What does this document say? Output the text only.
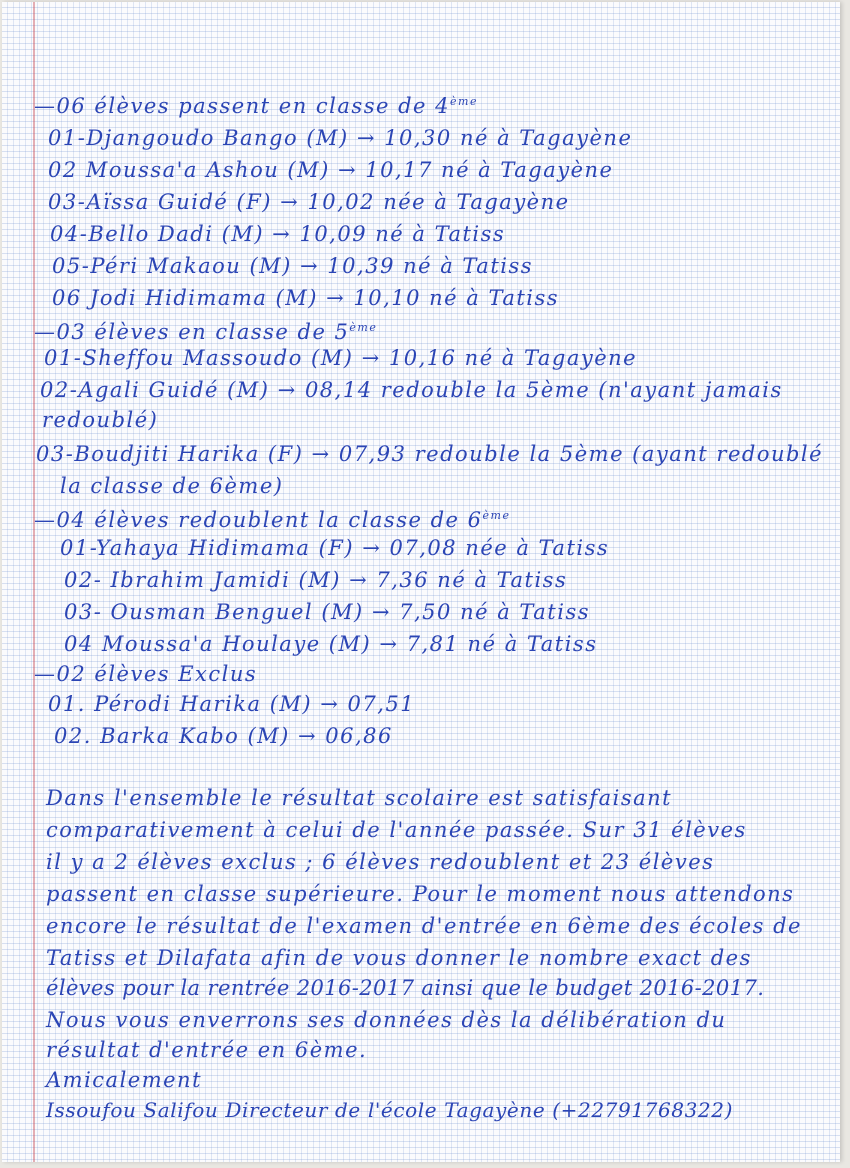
— 06 élèves passent en classe de 4ème
01-Djangoudo Bango (M) → 10,30 né à Tagayène
02 Moussa'a Ashou (M) → 10,17 né à Tagayène
03-Aïssa Guidé (F) → 10,02 née à Tagayène
04-Bello Dadi (M) → 10,09 né à Tatiss
05-Péri Makaou (M) → 10,39 né à Tatiss
06 Jodi Hidimama (M) → 10,10 né à Tatiss
— 03 élèves en classe de 5ème
01-Sheffou Massoudo (M) → 10,16 né à Tagayène
02-Agali Guidé (M) → 08,14 redouble la 5ème (n'ayant jamais
redoublé)
03-Boudjiti Harika (F) → 07,93 redouble la 5ème (ayant redoublé
la classe de 6ème)
— 04 élèves redoublent la classe de 6ème
01-Yahaya Hidimama (F) → 07,08 née à Tatiss
02- Ibrahim Jamidi (M) → 7,36 né à Tatiss
03- Ousman Benguel (M) → 7,50 né à Tatiss
04 Moussa'a Houlaye (M) → 7,81 né à Tatiss
— 02 élèves Exclus
01. Pérodi Harika (M) → 07,51
02. Barka Kabo (M) → 06,86
Dans l'ensemble le résultat scolaire est satisfaisant
comparativement à celui de l'année passée. Sur 31 élèves
il y a 2 élèves exclus ; 6 élèves redoublent et 23 élèves
passent en classe supérieure. Pour le moment nous attendons
encore le résultat de l'examen d'entrée en 6ème des écoles de
Tatiss et Dilafata afin de vous donner le nombre exact des
élèves pour la rentrée 2016-2017 ainsi que le budget 2016-2017.
Nous vous enverrons ses données dès la délibération du
résultat d'entrée en 6ème.
Amicalement
Issoufou Salifou Directeur de l'école Tagayène (+22791768322)
